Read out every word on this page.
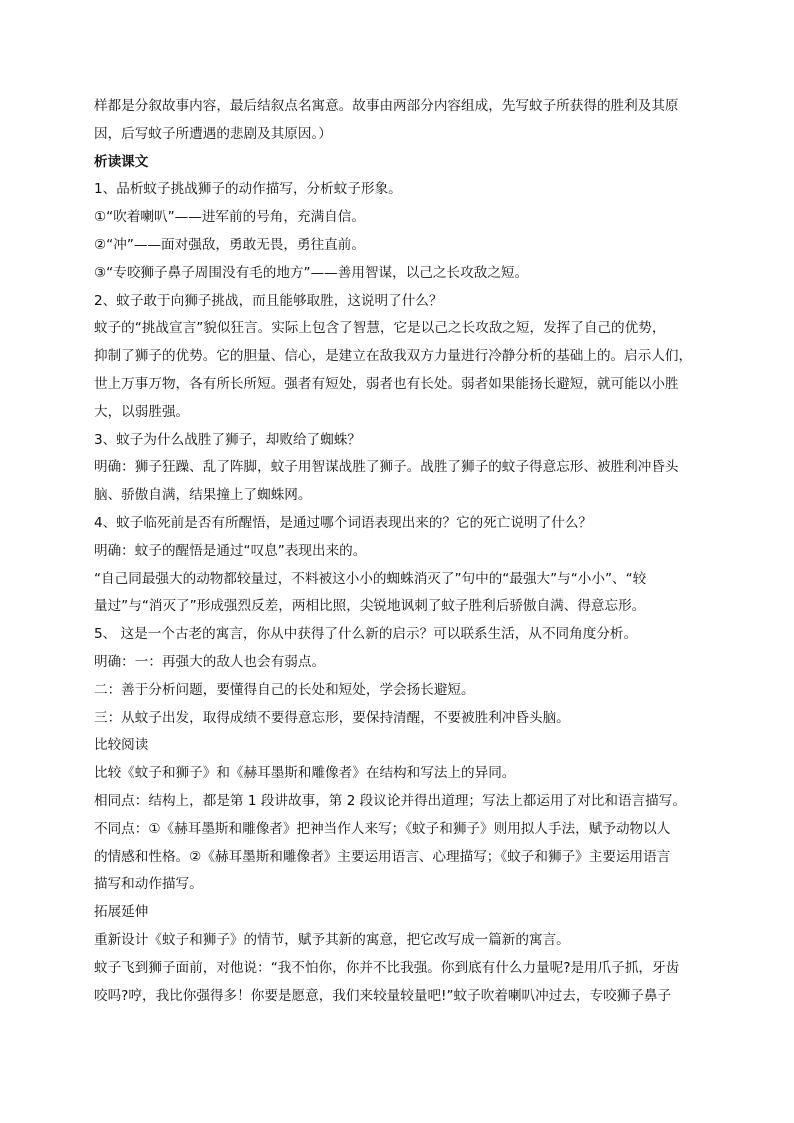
样都是分叙故事内容，最后结叙点名寓意。故事由两部分内容组成，先写蚊子所获得的胜利及其原
因，后写蚊子所遭遇的悲剧及其原因。）
析读课文
1、品析蚊子挑战狮子的动作描写，分析蚊子形象。
①“吹着喇叭”——进军前的号角，充满自信。
②“冲”——面对强敌，勇敢无畏，勇往直前。
③“专咬狮子鼻子周围没有毛的地方”——善用智谋，以己之长攻敌之短。
2、蚊子敢于向狮子挑战，而且能够取胜，这说明了什么？
蚊子的“挑战宣言”貌似狂言。实际上包含了智慧，它是以己之长攻敌之短，发挥了自己的优势，
抑制了狮子的优势。它的胆量、信心，是建立在敌我双方力量进行冷静分析的基础上的。启示人们，
世上万事万物，各有所长所短。强者有短处，弱者也有长处。弱者如果能扬长避短，就可能以小胜
大，以弱胜强。
3、蚊子为什么战胜了狮子，却败给了蜘蛛？
明确：狮子狂躁、乱了阵脚，蚊子用智谋战胜了狮子。战胜了狮子的蚊子得意忘形、被胜利冲昏头
脑、骄傲自满，结果撞上了蜘蛛网。
4、蚊子临死前是否有所醒悟，是通过哪个词语表现出来的？它的死亡说明了什么？
明确：蚊子的醒悟是通过“叹息”表现出来的。
“自己同最强大的动物都较量过，不料被这小小的蜘蛛消灭了”句中的“最强大”与“小小”、“较
量过”与“消灭了”形成强烈反差，两相比照，尖锐地讽刺了蚊子胜利后骄傲自满、得意忘形。
5、 这是一个古老的寓言，你从中获得了什么新的启示？可以联系生活，从不同角度分析。
明确：一：再强大的敌人也会有弱点。
二：善于分析问题，要懂得自己的长处和短处，学会扬长避短。
三：从蚊子出发，取得成绩不要得意忘形，要保持清醒，不要被胜利冲昏头脑。
比较阅读
比较《蚊子和狮子》和《赫耳墨斯和雕像者》在结构和写法上的异同。
相同点：结构上，都是第 1 段讲故事，第 2 段议论并得出道理；写法上都运用了对比和语言描写。
不同点：①《赫耳墨斯和雕像者》把神当作人来写；《蚊子和狮子》则用拟人手法，赋予动物以人
的情感和性格。②《赫耳墨斯和雕像者》主要运用语言、心理描写；《蚊子和狮子》主要运用语言
描写和动作描写。
拓展延伸
重新设计《蚊子和狮子》的情节，赋予其新的寓意，把它改写成一篇新的寓言。
蚊子飞到狮子面前，对他说：“我不怕你，你并不比我强。你到底有什么力量呢?是用爪子抓，牙齿
咬吗?哼，我比你强得多！你要是愿意，我们来较量较量吧!”蚊子吹着喇叭冲过去，专咬狮子鼻子
